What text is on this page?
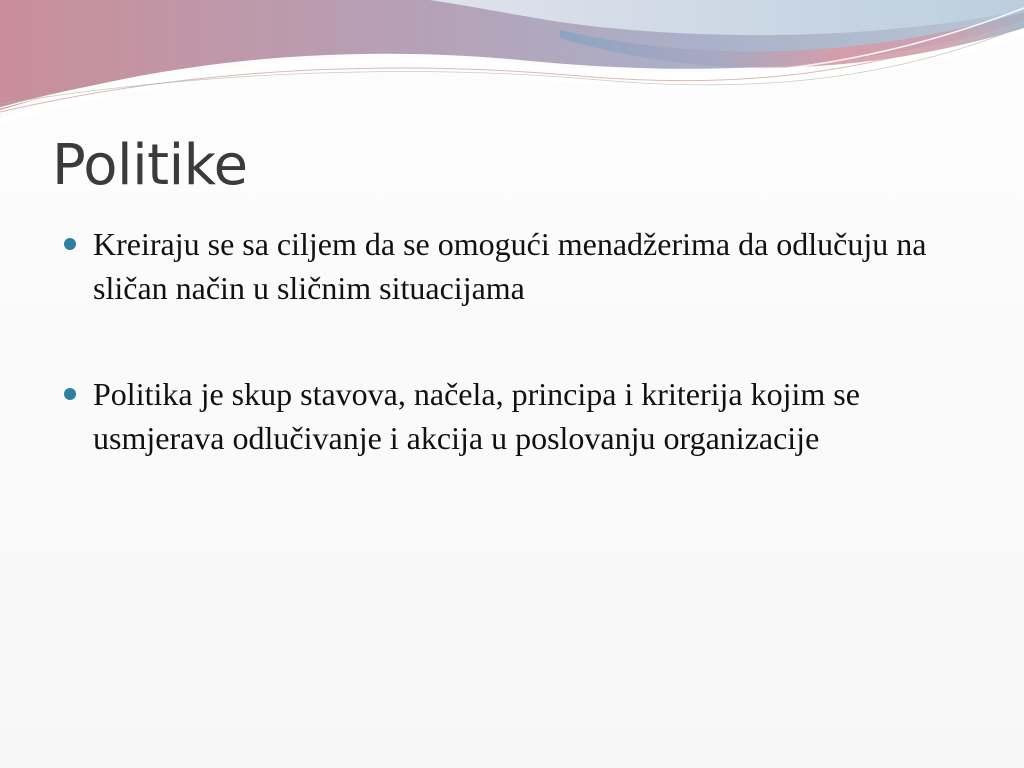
Politike
Kreiraju se sa ciljem da se omogući menadžerima da odlučuju na sličan način u sličnim situacijama
Politika je skup stavova, načela, principa i kriterija kojim se usmjerava odlučivanje i akcija u poslovanju organizacije
